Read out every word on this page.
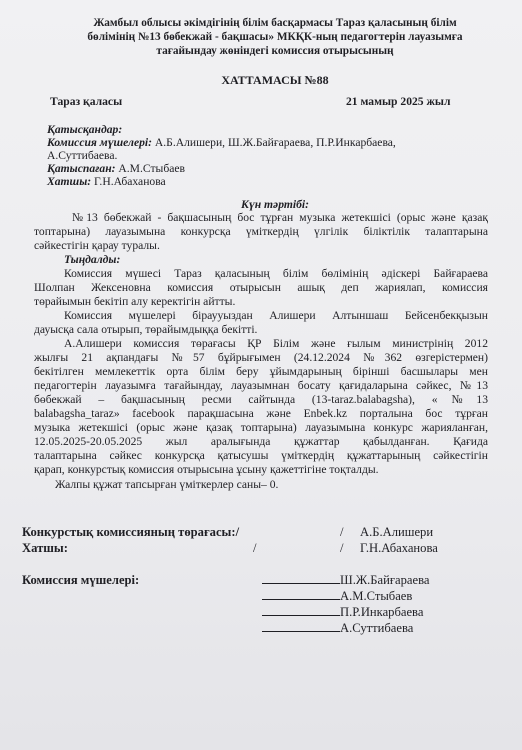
Жамбыл облысы әкімдігінің білім басқармасы Тараз қаласының білім
бөлімінің №13 бөбекжай - бақшасы» МКҚК-ның педагогтерін лауазымға
тағайындау жөніндегі комиссия отырысының
ХАТТАМАСЫ №88
Тараз қаласы	21 мамыр 2025 жыл
Қатысқандар:
Комиссия мүшелері: А.Б.Алишери, Ш.Ж.Байғараева, П.Р.Инкарбаева,
А.Суттибаева.
Қатыспаған: А.М.Стыбаев
Хатшы: Г.Н.Абаханова
Күн тәртібі:
№13 бөбекжай - бақшасының бос тұрған музыка жетекшісі (орыс және қазақ
топтарына) лауазымына конкурсқа үміткердің үлгілік біліктілік талаптарына
сәйкестігін қарау туралы.
Тыңдалды:
Комиссия мүшесі Тараз қаласының білім бөлімінің әдіскері Байғараева
Шолпан Жексеновна комиссия отырысын ашық деп жариялап, комиссия
төрайымын бекітіп алу керектігін айтты.
Комиссия мүшелері біраууыздан Алишери Алтыншаш Бейсенбекқызын
дауысқа сала отырып, төрайымдыққа бекітті.
А.Алишери комиссия төрағасы ҚР Білім және ғылым министрінің 2012
жылғы 21 ақпандағы №57 бұйрығымен (24.12.2024 №362 өзгерістермен)
бекітілген мемлекеттік орта білім беру ұйымдарының бірінші басшылары мен
педагогтерін лауазымға тағайындау, лауазымнан босату қағидаларына сәйкес, №13
бөбекжай – бақшасының ресми сайтында (13-taraz.balabagsha), «№13
balabagsha_taraz» facebook парақшасына және Enbek.kz порталына бос тұрған
музыка жетекшісі (орыс және қазақ топтарына) лауазымына конкурс жарияланған,
12.05.2025-20.05.2025 жыл аралығында құжаттар қабылданған. Қағида
талаптарына сәйкес конкурсқа қатысушы үміткердің құжаттарының сәйкестігін
қарап, конкурстық комиссия отырысына ұсыну қажеттігіне тоқталды.
Жалпы құжат тапсырған үміткерлер саны– 0.
Конкурстық комиссияның төрағасы:/	/ А.Б.Алишери
Хатшы:	/	/ Г.Н.Абаханова
Комиссия мүшелері:	Ш.Ж.Байғараева
А.М.Стыбаев
П.Р.Инкарбаева
А.Суттибаева
